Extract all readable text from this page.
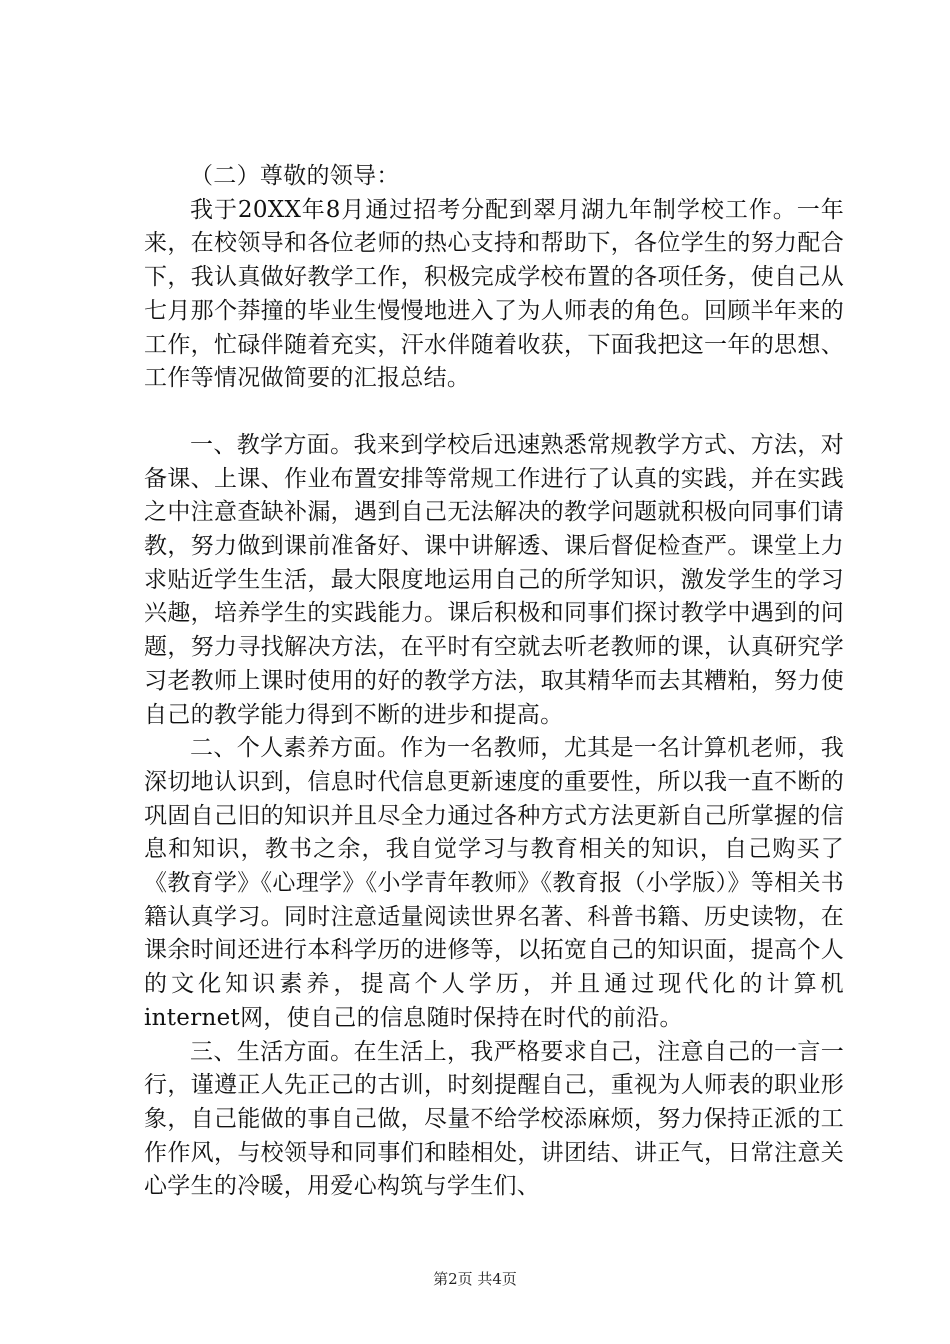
（二）尊敬的领导：

我于20XX年8月通过招考分配到翠月湖九年制学校工作。一年来，在校领导和各位老师的热心支持和帮助下，各位学生的努力配合下，我认真做好教学工作，积极完成学校布置的各项任务，使自己从七月那个莽撞的毕业生慢慢地进入了为人师表的角色。回顾半年来的工作，忙碌伴随着充实，汗水伴随着收获，下面我把这一年的思想、工作等情况做简要的汇报总结。

一、教学方面。我来到学校后迅速熟悉常规教学方式、方法，对备课、上课、作业布置安排等常规工作进行了认真的实践，并在实践之中注意查缺补漏，遇到自己无法解决的教学问题就积极向同事们请教，努力做到课前准备好、课中讲解透、课后督促检查严。课堂上力求贴近学生生活，最大限度地运用自己的所学知识，激发学生的学习兴趣，培养学生的实践能力。课后积极和同事们探讨教学中遇到的问题，努力寻找解决方法，在平时有空就去听老教师的课，认真研究学习老教师上课时使用的好的教学方法，取其精华而去其糟粕，努力使自己的教学能力得到不断的进步和提高。

二、个人素养方面。作为一名教师，尤其是一名计算机老师，我深切地认识到，信息时代信息更新速度的重要性，所以我一直不断的巩固自己旧的知识并且尽全力通过各种方式方法更新自己所掌握的信息和知识，教书之余，我自觉学习与教育相关的知识，自己购买了《教育学》《心理学》《小学青年教师》《教育报（小学版）》等相关书籍认真学习。同时注意适量阅读世界名著、科普书籍、历史读物，在课余时间还进行本科学历的进修等，以拓宽自己的知识面，提高个人的文化知识素养，提高个人学历，并且通过现代化的计算机internet网，使自己的信息随时保持在时代的前沿。

三、生活方面。在生活上，我严格要求自己，注意自己的一言一行，谨遵正人先正己的古训，时刻提醒自己，重视为人师表的职业形象，自己能做的事自己做，尽量不给学校添麻烦，努力保持正派的工作作风，与校领导和同事们和睦相处，讲团结、讲正气，日常注意关心学生的冷暖，用爱心构筑与学生们、

第2页 共4页
